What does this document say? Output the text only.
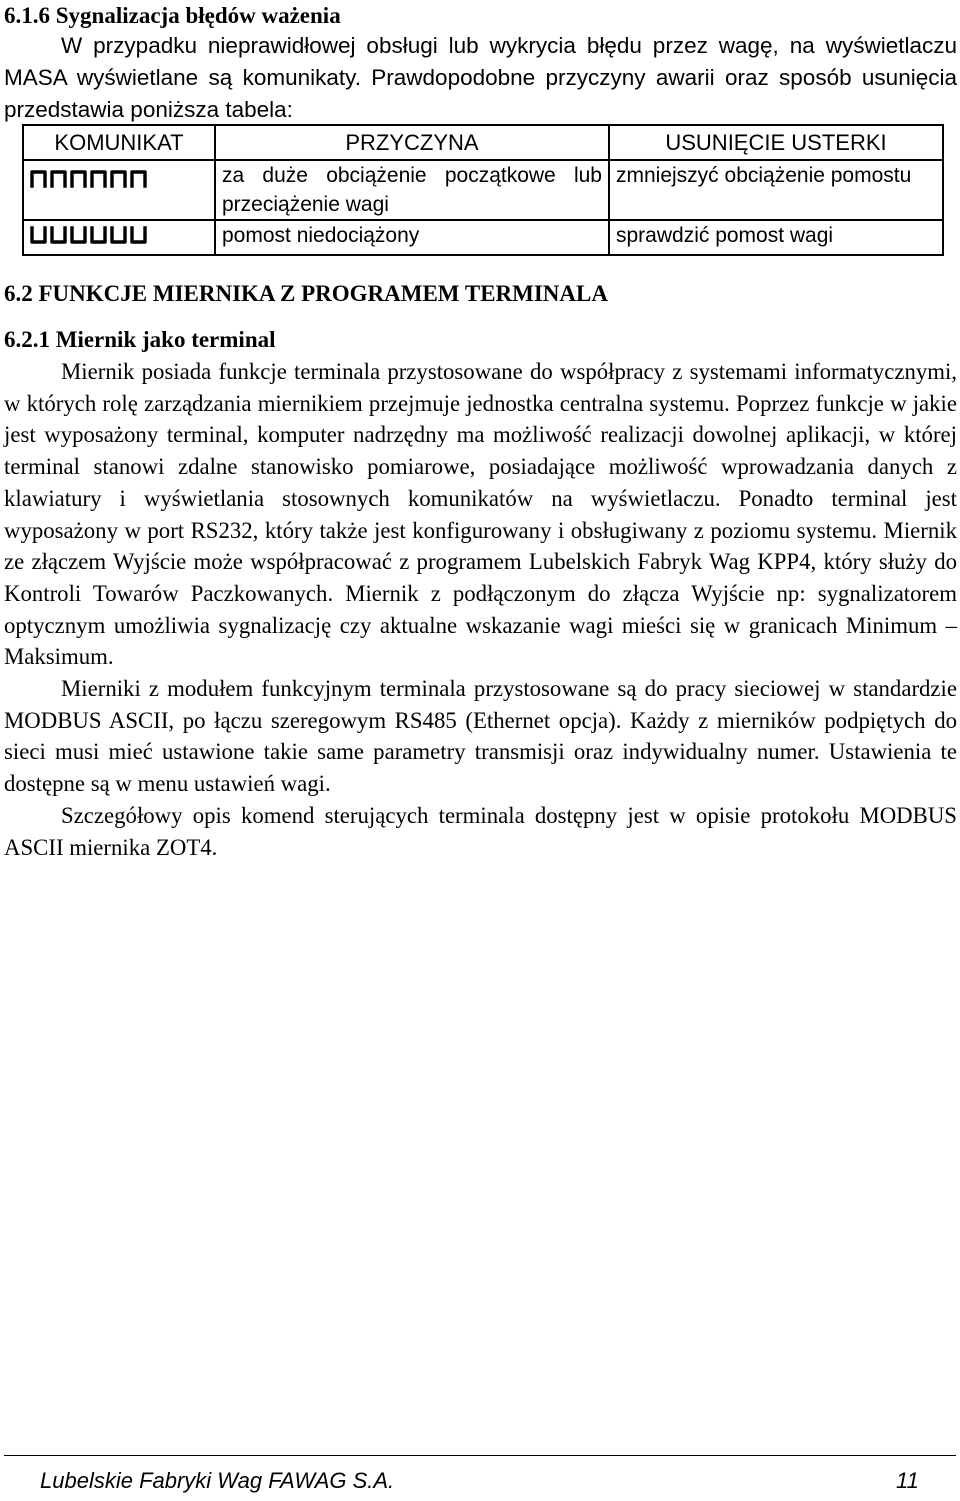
6.1.6 Sygnalizacja błędów ważenia

W przypadku nieprawidłowej obsługi lub wykrycia błędu przez wagę, na wyświetlaczu MASA wyświetlane są komunikaty. Prawdopodobne przyczyny awarii oraz sposób usunięcia przedstawia poniższa tabela:

KOMUNIKAT	PRZYCZYNA	USUNIĘCIE USTERKI

	za duże obciążenie początkowe lub przeciążenie wagi	zmniejszyć obciążenie pomostu

	pomost niedociążony	sprawdzić pomost wagi
6.2 FUNKCJE MIERNIKA Z PROGRAMEM TERMINALA
6.2.1 Miernik jako terminal

Miernik posiada funkcje terminala przystosowane do współpracy z systemami informatycznymi, w których rolę zarządzania miernikiem przejmuje jednostka centralna systemu. Poprzez funkcje w jakie jest wyposażony terminal, komputer nadrzędny ma możliwość realizacji dowolnej aplikacji, w której terminal stanowi zdalne stanowisko pomiarowe, posiadające możliwość wprowadzania danych z klawiatury i wyświetlania stosownych komunikatów na wyświetlaczu. Ponadto terminal jest wyposażony w port RS232, który także jest konfigurowany i obsługiwany z poziomu systemu. Miernik ze złączem Wyjście może współpracować z programem Lubelskich Fabryk Wag KPP4, który służy do Kontroli Towarów Paczkowanych. Miernik z podłączonym do złącza Wyjście np: sygnalizatorem optycznym umożliwia sygnalizację czy aktualne wskazanie wagi mieści się w granicach Minimum – Maksimum.

Mierniki z modułem funkcyjnym terminala przystosowane są do pracy sieciowej w standardzie MODBUS ASCII, po łączu szeregowym RS485 (Ethernet opcja). Każdy z mierników podpiętych do sieci musi mieć ustawione takie same parametry transmisji oraz indywidualny numer. Ustawienia te dostępne są w menu ustawień wagi.

Szczegółowy opis komend sterujących terminala dostępny jest w opisie protokołu MODBUS ASCII miernika ZOT4.

Lubelskie Fabryki Wag FAWAG S.A.	11
